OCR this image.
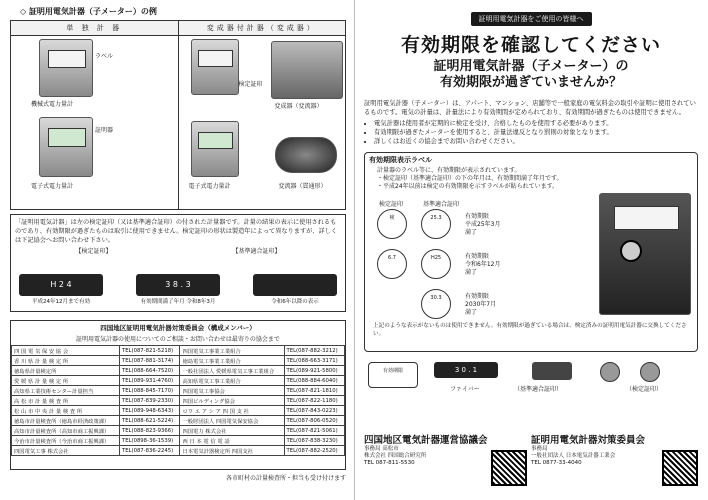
◇ 証明用電気計器（子メーター）の例
単 独 計 器
ラベル
機械式電力量計
証明器
電子式電力量計
変成器付計器（変成器）
検定証印
変成器（変流器）
電子式電力量計	変流器（貫通形）
「証明用電気計器」は左の検定証印（又は基準適合証印）の付された計量器です。計量の結果の表示に使用されるものであり、有効期限が過ぎたものは取引に使用できません。検定証印の形状は製造年によって異なりますが、詳しくは下記協会へお問い合わせ下さい。
【検定証印】	【基準適合証印】
H 2 4
平成24年12月まで有効
3 8 . 3
有効期間満了年月 令和8年3月	令和6年以降の表示
四国地区証明用電気計器対策委員会（構成メンバー）
証明用電気計器の使用についてのご相談・お問い合わせは最寄りの協会まで
四 国 電 気 保 安 協 会	TEL(087-821-5218)	四国電気工事業工業組合	TEL(087-882-3212)
香 川 県 計 量 検 定 所	TEL(087-881-3174)	徳島電気工事業工業組合	TEL(088-663-3171)
徳島県計量検定所	TEL(088-664-7520)	一般社団法人 愛媛県電気工事工業組合	TEL(089-921-5800)
愛 媛 県 計 量 検 定 所	TEL(089-931-4760)	高知県電気工事工業組合	TEL(088-884-6040)
高知県工業技術センター計量担当	TEL(088-845-7170)	四国電気工事協会	TEL(087-821-1810)
高 松 市 計 量 検 査 所	TEL(087-839-2330)	四国ビルディング協会	TEL(087-822-1180)
松 山 市 中 央 計 量 検 査 所	TEL(089-948-6343)	ロワ エ ア シ ア 四 国 支 社	TEL(087-843-0223)
徳島市計量検査所（徳島市経済政策課）	TEL(088-621-5224)	一般財団法人 四国電気保安協会	TEL(087-806-0520)
高知市計量検査所（高知市商工振興課）	TEL(088-823-9366)	四国電力 株式会社	TEL(087-821-5061)
今治市計量検査所（今治市商工振興課）	TEL(0898-36-1539)	西 日 本 電 信 電 話	TEL(087-838-3230)
四国電気工事 株式会社	TEL(087-836-2245)	日本電気計器検定所 四国支社	TEL(087-882-2520)
各市町村の計量検査所・担当も受け付けます
証明用電気計器をご使用の皆様へ
有効期限を確認してください
証明用電気計器（子メーター）の
有効期限が過ぎていませんか？
証明用電気計器（子メーター）は、アパート、マンション、店舗等で一般家庭の電気料金の取引や証明に使用されているものです。電気の計量は、計量法により有効期間が定められており、有効期間が過ぎたものは使用できません。
• 電気計器は使用者が定期的に検定を受け、合格したものを使用する必要があります。
• 有効期限が過ぎたメーターを使用すると、計量法違反となり罰則の対象となります。
• 詳しくはお近くの協会までお問い合わせください。
有効期限表示ラベル
計量器のラベル等に、有効期限が表示されています。
・検定証印（基準適合証印）の下の年月は、有効期間満了年月です。
・平成24年以前は検定の有効期限を示すラベルが貼られています。
検定証印	基準適合証印
検	25.3
6.7	H25
30.3
有効期限
平成25年3月
満了
有効期限
令和6年12月
満了
有効期限
2030年7月
満了
上記のような表示がないものは使用できません。有効期限が過ぎている場合は、検定済みの証明用電気計器に交換してください。
有効期限	3 0 . 1
ファイバー	（基準適合証印）	（検定証印）
四国地区電気計器運営協議会
事務局 高松市
株式会社 四国総合研究所
TEL 087-811-5530
証明用電気計器対策委員会
事務局
一般社団法人 日本電気計器工業会
TEL 0877-33-4040
